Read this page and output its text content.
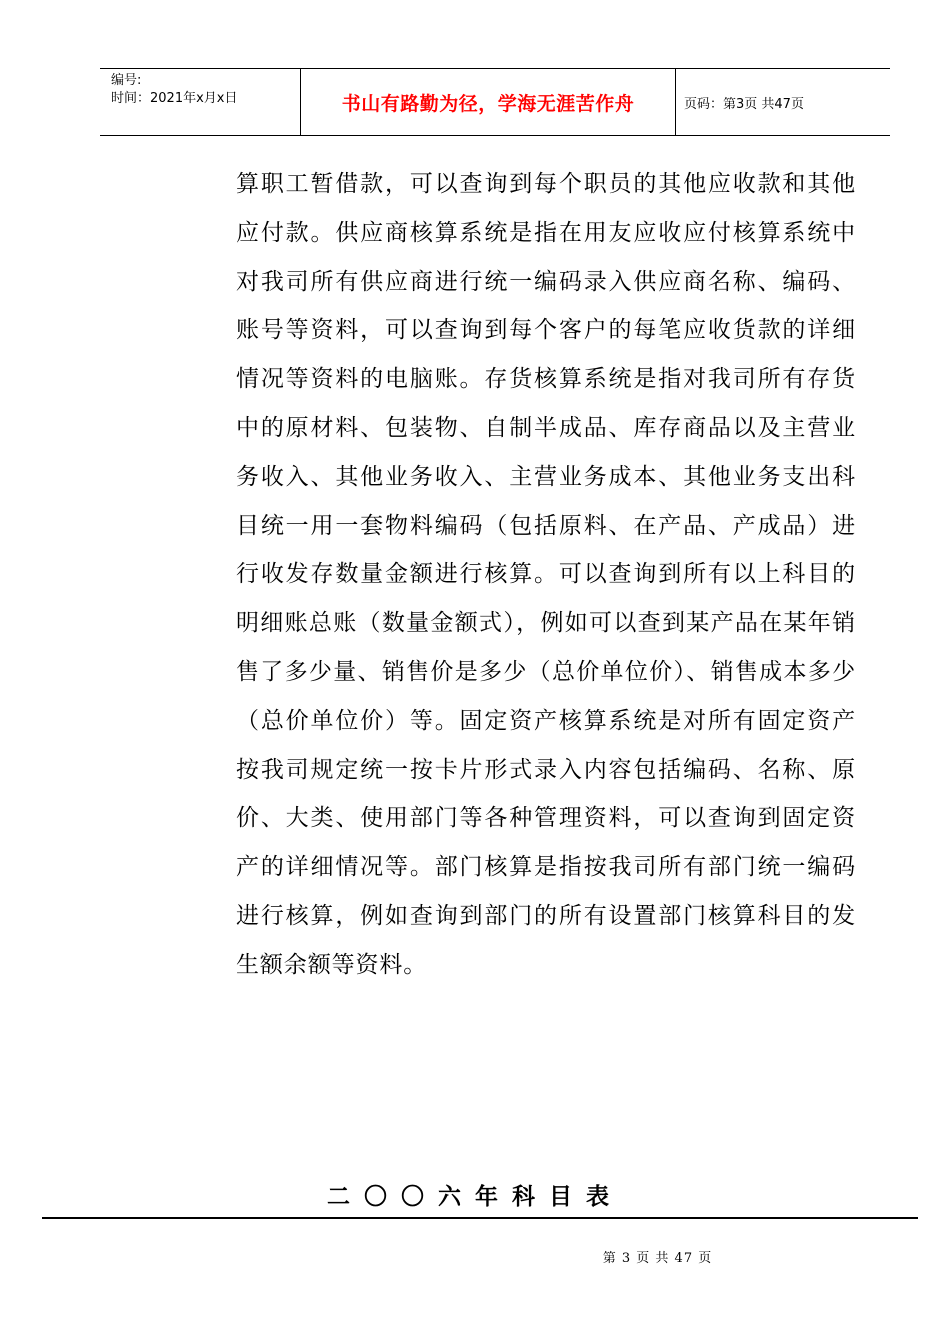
编号:
时间：2021年x月x日	书山有路勤为径，学海无涯苦作舟	页码：第3页 共47页

算职工暂借款，可以查询到每个职员的其他应收款和其他应付款。供应商核算系统是指在用友应收应付核算系统中对我司所有供应商进行统一编码录入供应商名称、编码、账号等资料，可以查询到每个客户的每笔应收货款的详细情况等资料的电脑账。存货核算系统是指对我司所有存货中的原材料、包装物、自制半成品、库存商品以及主营业务收入、其他业务收入、主营业务成本、其他业务支出科目统一用一套物料编码（包括原料、在产品、产成品）进行收发存数量金额进行核算。可以查询到所有以上科目的明细账总账（数量金额式），例如可以查到某产品在某年销售了多少量、销售价是多少（总价单位价）、销售成本多少（总价单位价）等。固定资产核算系统是对所有固定资产按我司规定统一按卡片形式录入内容包括编码、名称、原价、大类、使用部门等各种管理资料，可以查询到固定资产的详细情况等。部门核算是指按我司所有部门统一编码进行核算，例如查询到部门的所有设置部门核算科目的发生额余额等资料。

二〇〇六年科目表
第 3 页 共 47 页
